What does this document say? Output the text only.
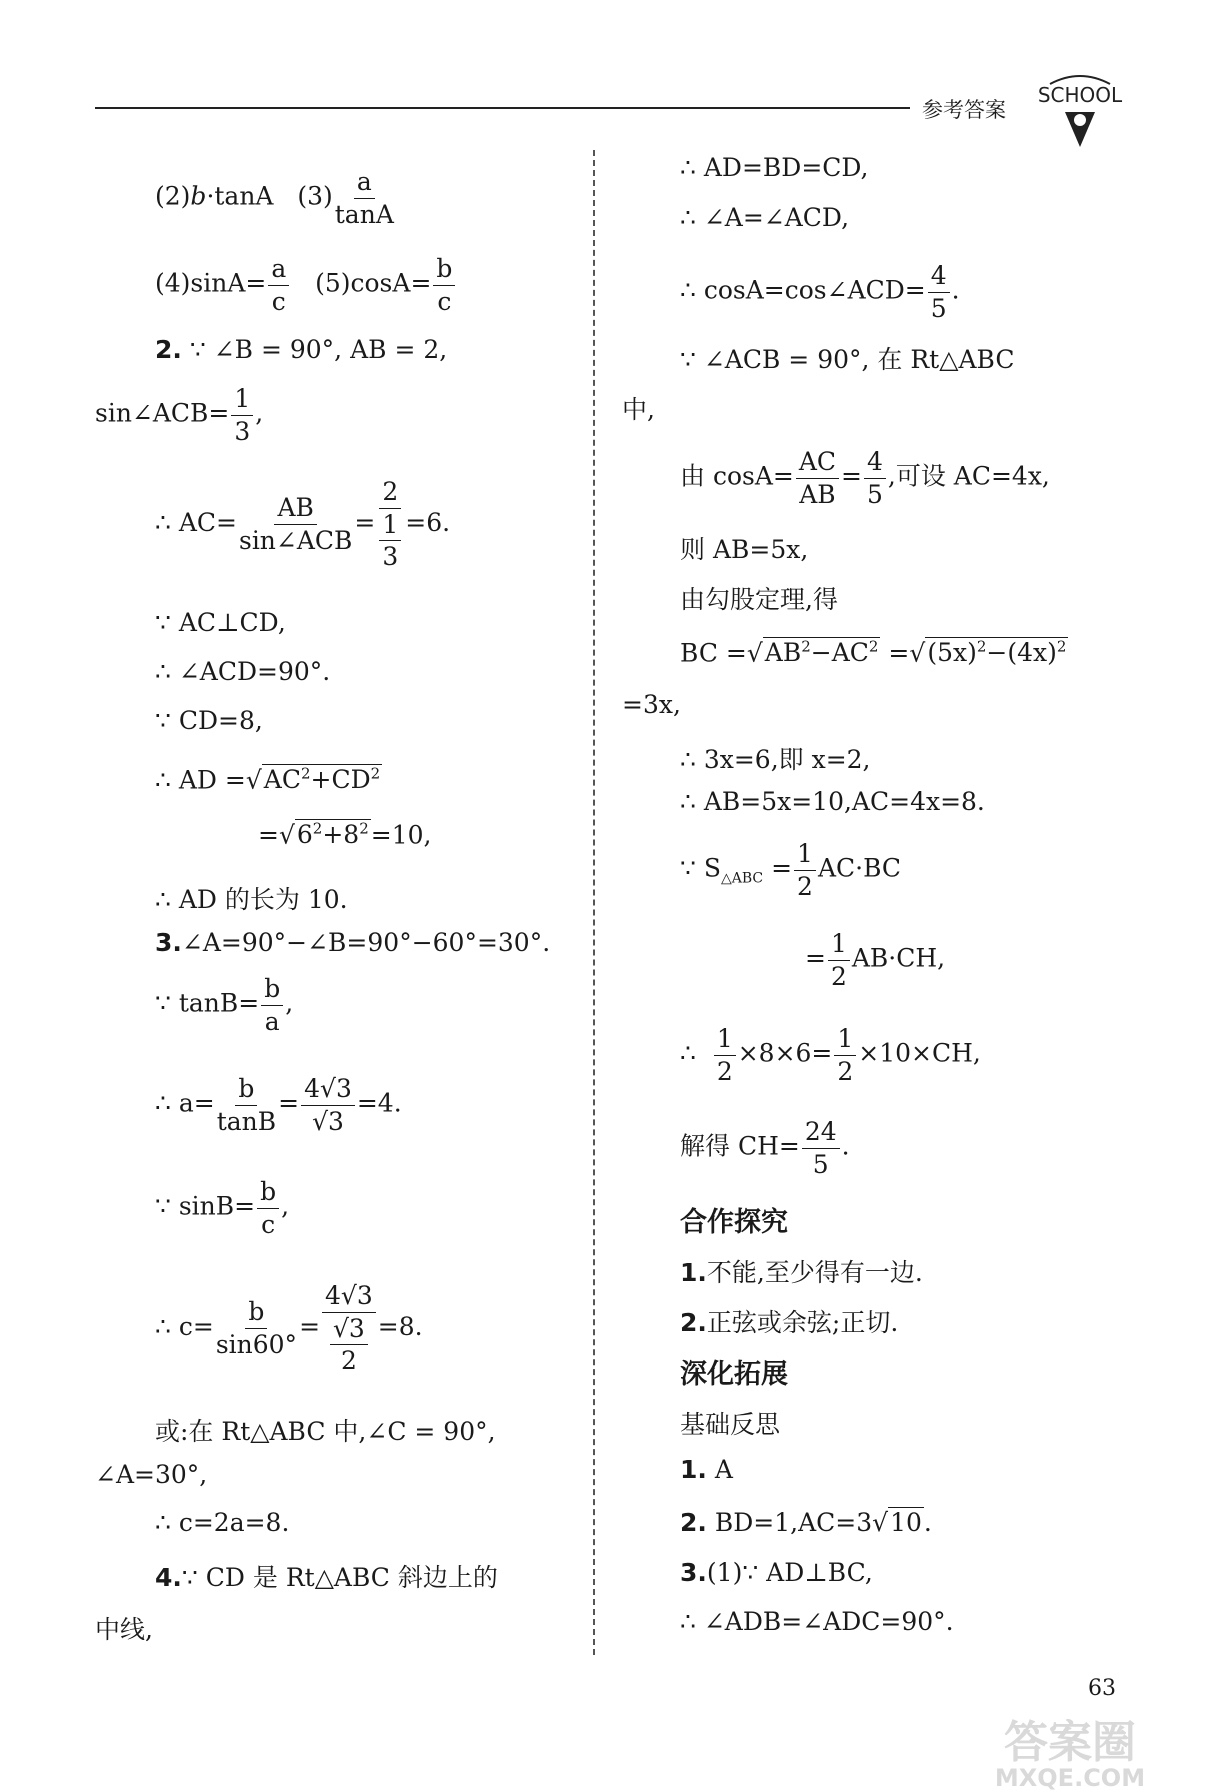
参考答案
SCHOOL
(2)b·tanA $(3) \frac{a}{\tan A}$
$(4)\sin A= \frac{a}{c} (5)\cos A= \frac{b}{c}$
2. ∵ ∠B = 90°, AB = 2,
sin∠ACB= $\frac{1}{3}$ ,
∴ AC= AB
sin∠ACB
= $\frac{2}{\frac{1}{3}} =6$.
∵ AC⊥CD,
∴ ∠ACD=90°.
∵ CD=8,
∴ AD $=√AC^2+CD^2$
$=√6^2+8^2=10$,
∴ AD 的长为 10.
3.∠A=90°−∠B=90°−60°=30°.
∵ $\tan B= \frac{b}{a}$ ,
∴ $a= \frac{b}{\tan B} = \frac{4√3}{√3} =4$.
∵ $\sin B= \frac{b}{c}$ ,
∴ $c= \frac{b}{\sin 60^\circ} = \frac{4√3}{\frac{√3}{2}} =8$.
或:在 Rt△ABC 中,∠C = 90°,
∠A=30°,
∴ c=2a=8.
4.∵ CD 是 Rt△ABC 斜边上的
中线,
∴ AD=BD=CD,
∴ ∠A=∠ACD,
∴ cosA=cos∠ACD= $\frac{4}{5}$ .
∵ ∠ACB = 90°, 在 Rt△ABC
中,
由 $\cos A= \frac{AC}{AB} = \frac{4}{5}$ ,可设 AC=4x,
则 AB=5x,
由勾股定理,得
BC $=√AB^2-AC^2 =√(5x)^2-(4x)^2$
=3x,
∴ 3x=6,即 x=2,
∴ AB=5x=10,AC=4x=8.
∵ $S_{\triangle ABC} = \frac{1}{2} AC\cdot BC$
= $\frac{1}{2} AB\cdot CH$,
∴ $\frac{1}{2} \times 8\times 6= \frac{1}{2} \times 10\times CH$,
解得 $CH= \frac{24}{5}$ .
合作探究
1.不能,至少得有一边.
2.正弦或余弦;正切.
深化拓展
基础反思
1. A
2. BD=1,AC=3√10.
3.(1)∵ AD⊥BC,
∴ ∠ADB=∠ADC=90°.
63
答案圈
MXQE.COM
